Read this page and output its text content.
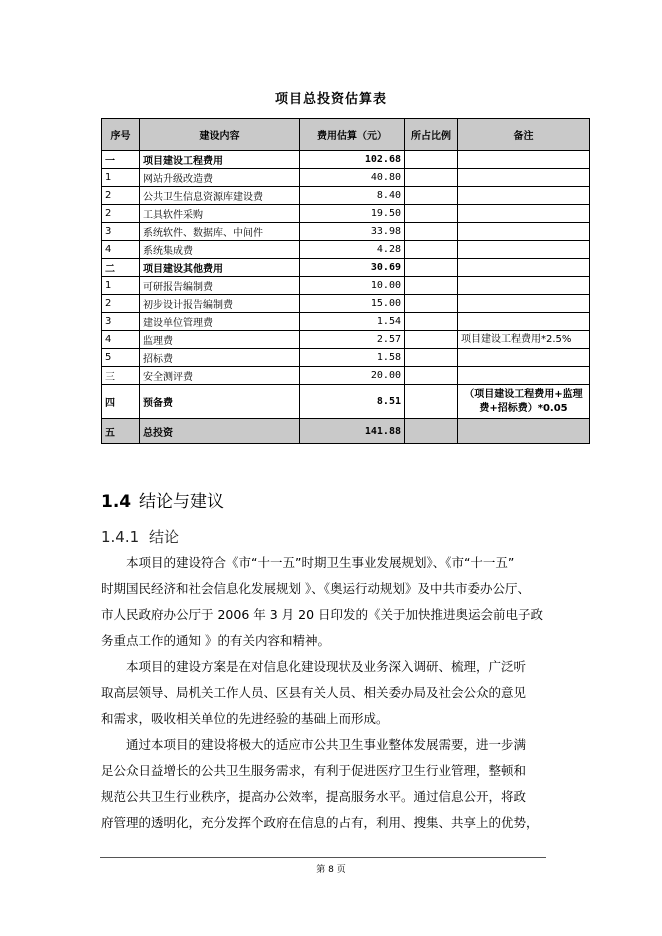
项目总投资估算表
序号	建设内容	费用估算（元）	所占比例	备注
一	项目建设工程费用	102.68		
1	网站升级改造费	40.80		
2	公共卫生信息资源库建设费	8.40		
2	工具软件采购	19.50		
3	系统软件、数据库、中间件	33.98		
4	系统集成费	4.28		
二	项目建设其他费用	30.69		
1	可研报告编制费	10.00		
2	初步设计报告编制费	15.00		
3	建设单位管理费	1.54		
4	监理费	2.57		项目建设工程费用*2.5%
5	招标费	1.58		
三	安全测评费	20.00		
四	预备费	8.51		（项目建设工程费用+监理费+招标费）*0.05
五	总投资	141.88		
1.4 结论与建议
1.4.1 结论
本项目的建设符合《市“十一五”时期卫生事业发展规划》、《市“十一五”
时期国民经济和社会信息化发展规划 》、《奥运行动规划》及中共市委办公厅、
市人民政府办公厅于 2006 年 3 月 20 日印发的《关于加快推进奥运会前电子政
务重点工作的通知 》的有关内容和精神。
本项目的建设方案是在对信息化建设现状及业务深入调研、梳理，广泛听
取高层领导、局机关工作人员、区县有关人员、相关委办局及社会公众的意见
和需求，吸收相关单位的先进经验的基础上而形成。
通过本项目的建设将极大的适应市公共卫生事业整体发展需要，进一步满
足公众日益增长的公共卫生服务需求，有利于促进医疗卫生行业管理，整顿和
规范公共卫生行业秩序，提高办公效率，提高服务水平。通过信息公开，将政
府管理的透明化，充分发挥个政府在信息的占有，利用、搜集、共享上的优势，
第 8 页
